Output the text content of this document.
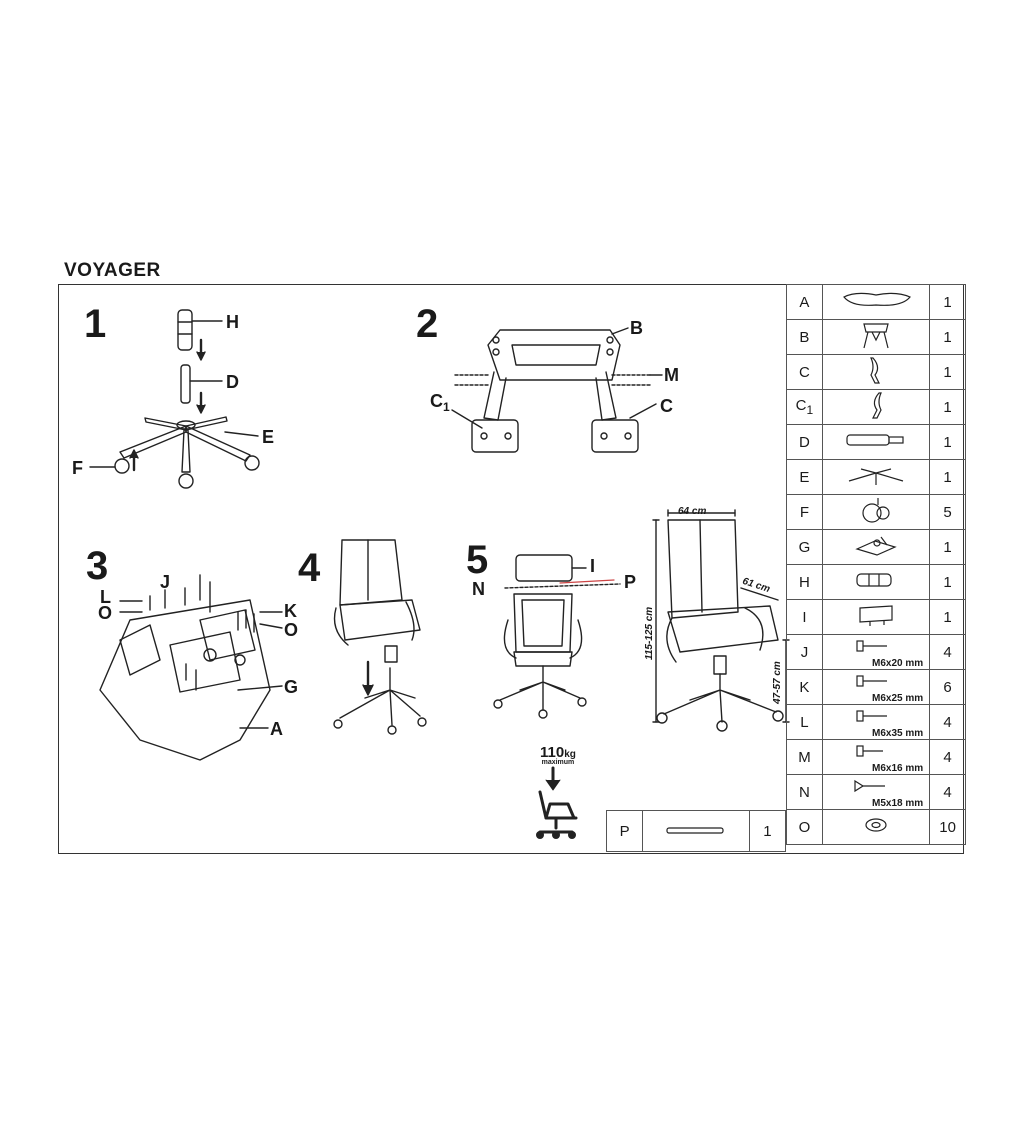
VOYAGER
1	2
3	4	5
H
D
E
F
B
M
$C_1$	C
J
L
O	K
O
G
A
I
N	P
64 cm
61 cm
115-125 cm
47-57 cm
110kg
maximum
A		1
B		1
C		1
$C_1$		1
D		1
E		1
F		5
G		1
H		1
I		1
J	M6x20 mm	4
K	M6x25 mm	6
L	M6x35 mm	4
M	M6x16 mm	4
N	M5x18 mm	4
O		10
P	1
